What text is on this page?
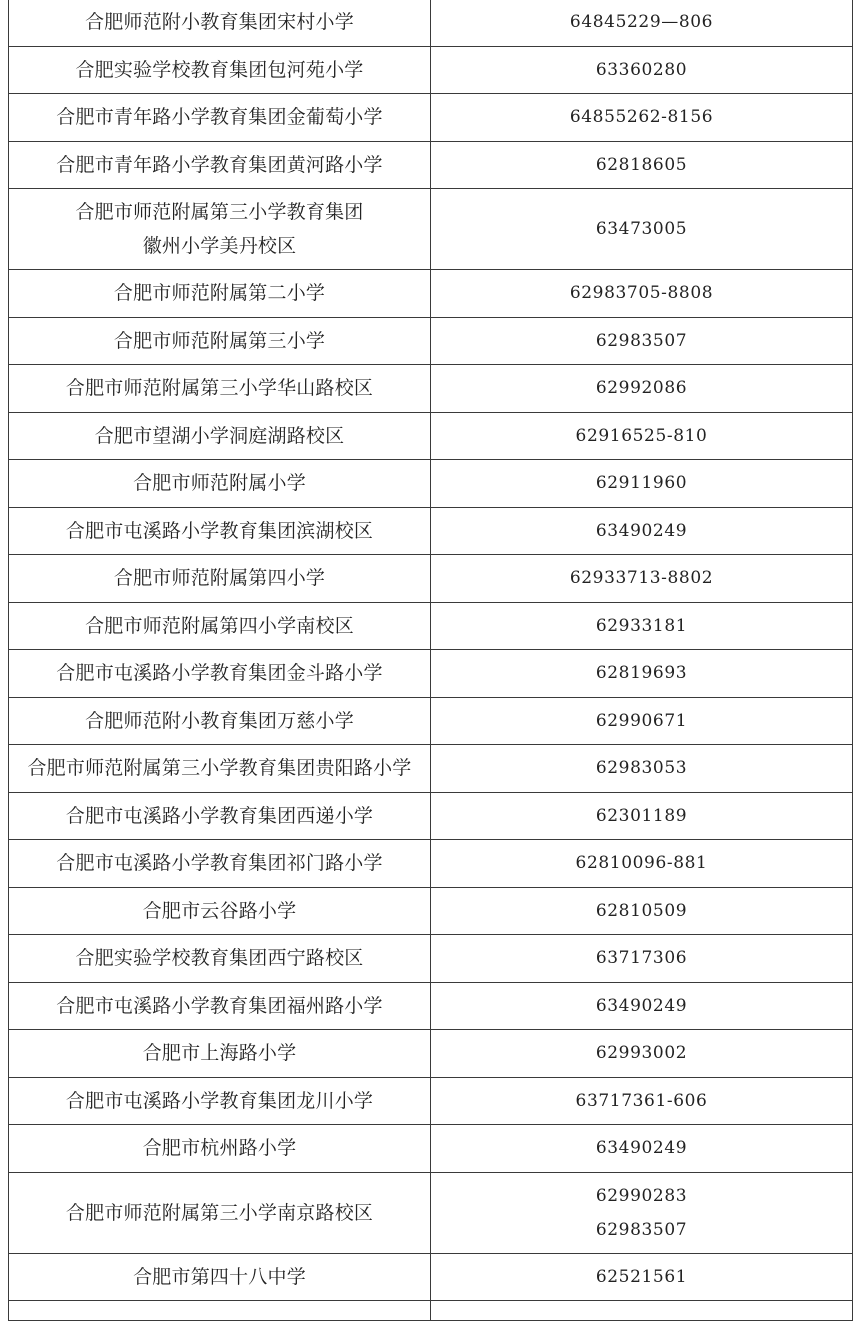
合肥师范附小教育集团宋村小学	64845229—806

合肥实验学校教育集团包河苑小学	63360280

合肥市青年路小学教育集团金葡萄小学	64855262-8156

合肥市青年路小学教育集团黄河路小学	62818605

合肥市师范附属第三小学教育集团
徽州小学美丹校区	63473005

合肥市师范附属第二小学	62983705-8808

合肥市师范附属第三小学	62983507

合肥市师范附属第三小学华山路校区	62992086

合肥市望湖小学洞庭湖路校区	62916525-810

合肥市师范附属小学	62911960

合肥市屯溪路小学教育集团滨湖校区	63490249

合肥市师范附属第四小学	62933713-8802

合肥市师范附属第四小学南校区	62933181

合肥市屯溪路小学教育集团金斗路小学	62819693

合肥师范附小教育集团万慈小学	62990671

合肥市师范附属第三小学教育集团贵阳路小学	62983053

合肥市屯溪路小学教育集团西递小学	62301189

合肥市屯溪路小学教育集团祁门路小学	62810096-881

合肥市云谷路小学	62810509

合肥实验学校教育集团西宁路校区	63717306

合肥市屯溪路小学教育集团福州路小学	63490249

合肥市上海路小学	62993002

合肥市屯溪路小学教育集团龙川小学	63717361-606

合肥市杭州路小学	63490249

合肥市师范附属第三小学南京路校区	62990283
62983507

合肥市第四十八中学	62521561
